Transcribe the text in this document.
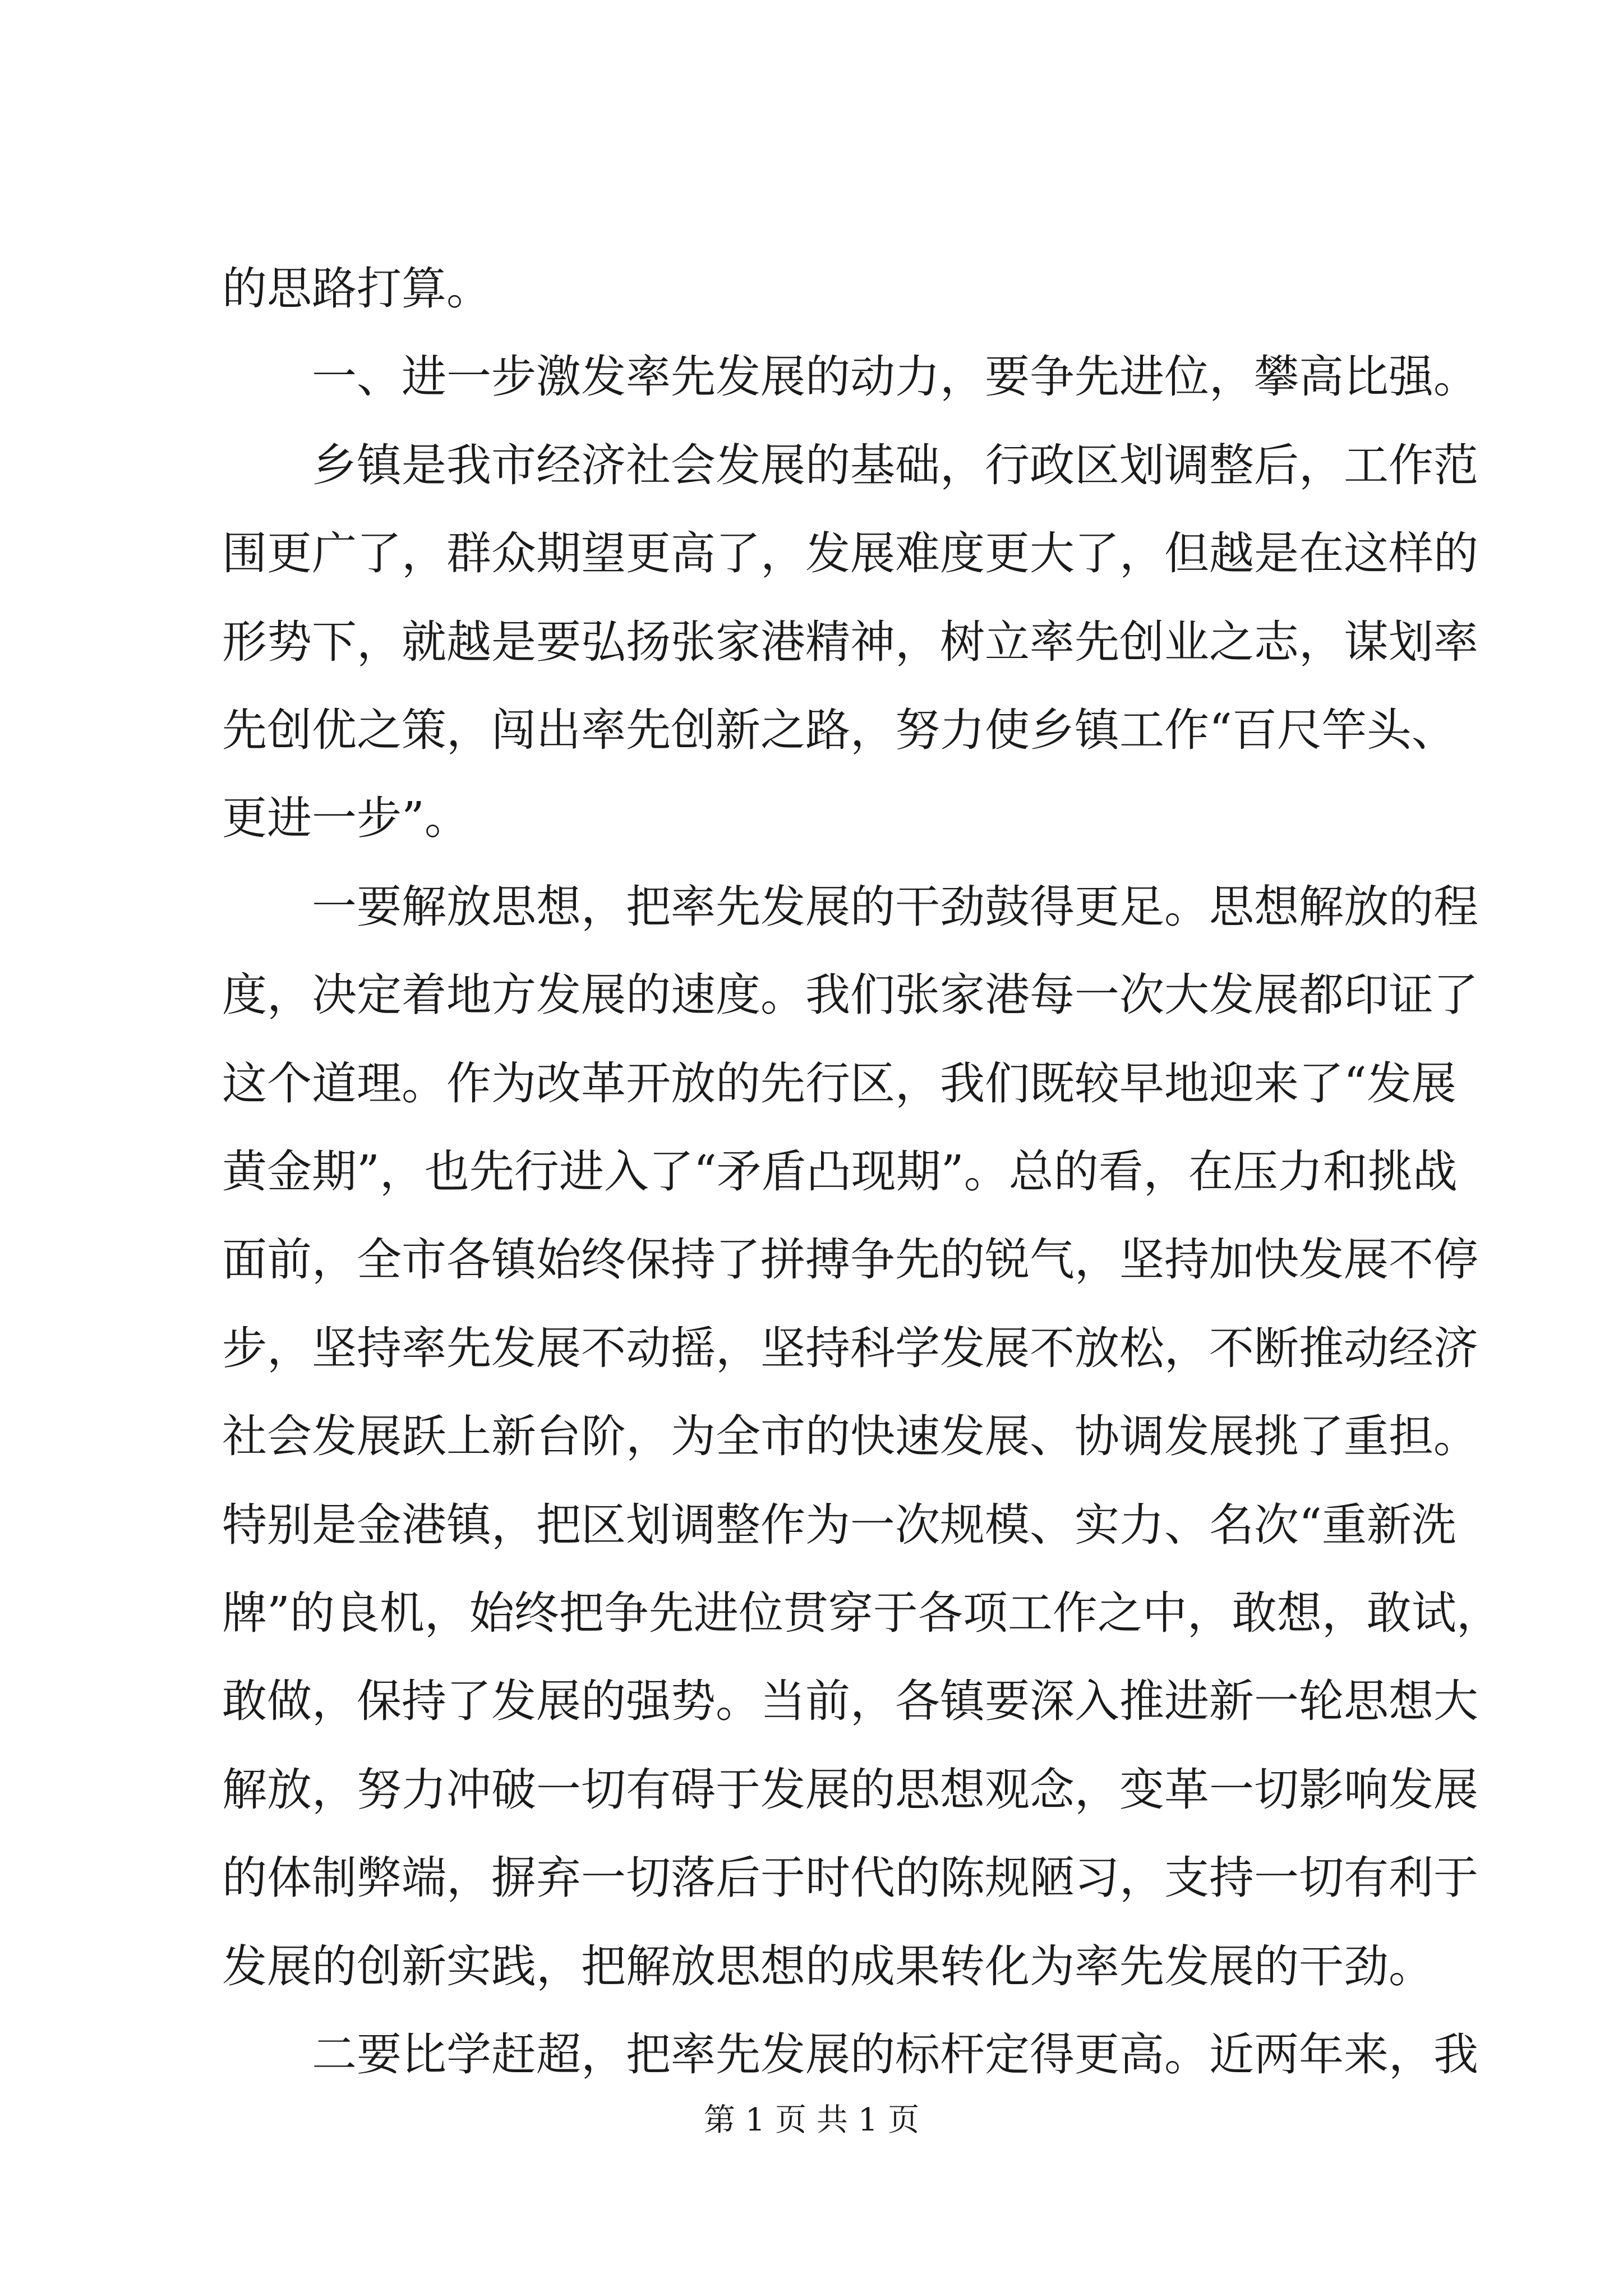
的思路打算。
　　一、进一步激发率先发展的动力，要争先进位，攀高比强。
　　乡镇是我市经济社会发展的基础，行政区划调整后，工作范
围更广了，群众期望更高了，发展难度更大了，但越是在这样的
形势下，就越是要弘扬张家港精神，树立率先创业之志，谋划率
先创优之策，闯出率先创新之路，努力使乡镇工作“百尺竿头、
更进一步”。
　　一要解放思想，把率先发展的干劲鼓得更足。思想解放的程
度，决定着地方发展的速度。我们张家港每一次大发展都印证了
这个道理。作为改革开放的先行区，我们既较早地迎来了“发展
黄金期”，也先行进入了“矛盾凸现期”。总的看，在压力和挑战
面前，全市各镇始终保持了拼搏争先的锐气，坚持加快发展不停
步，坚持率先发展不动摇，坚持科学发展不放松，不断推动经济
社会发展跃上新台阶，为全市的快速发展、协调发展挑了重担。
特别是金港镇，把区划调整作为一次规模、实力、名次“重新洗
牌”的良机，始终把争先进位贯穿于各项工作之中，敢想，敢试，
敢做，保持了发展的强势。当前，各镇要深入推进新一轮思想大
解放，努力冲破一切有碍于发展的思想观念，变革一切影响发展
的体制弊端，摒弃一切落后于时代的陈规陋习，支持一切有利于
发展的创新实践，把解放思想的成果转化为率先发展的干劲。
　　二要比学赶超，把率先发展的标杆定得更高。近两年来，我
第 1 页 共 1 页
